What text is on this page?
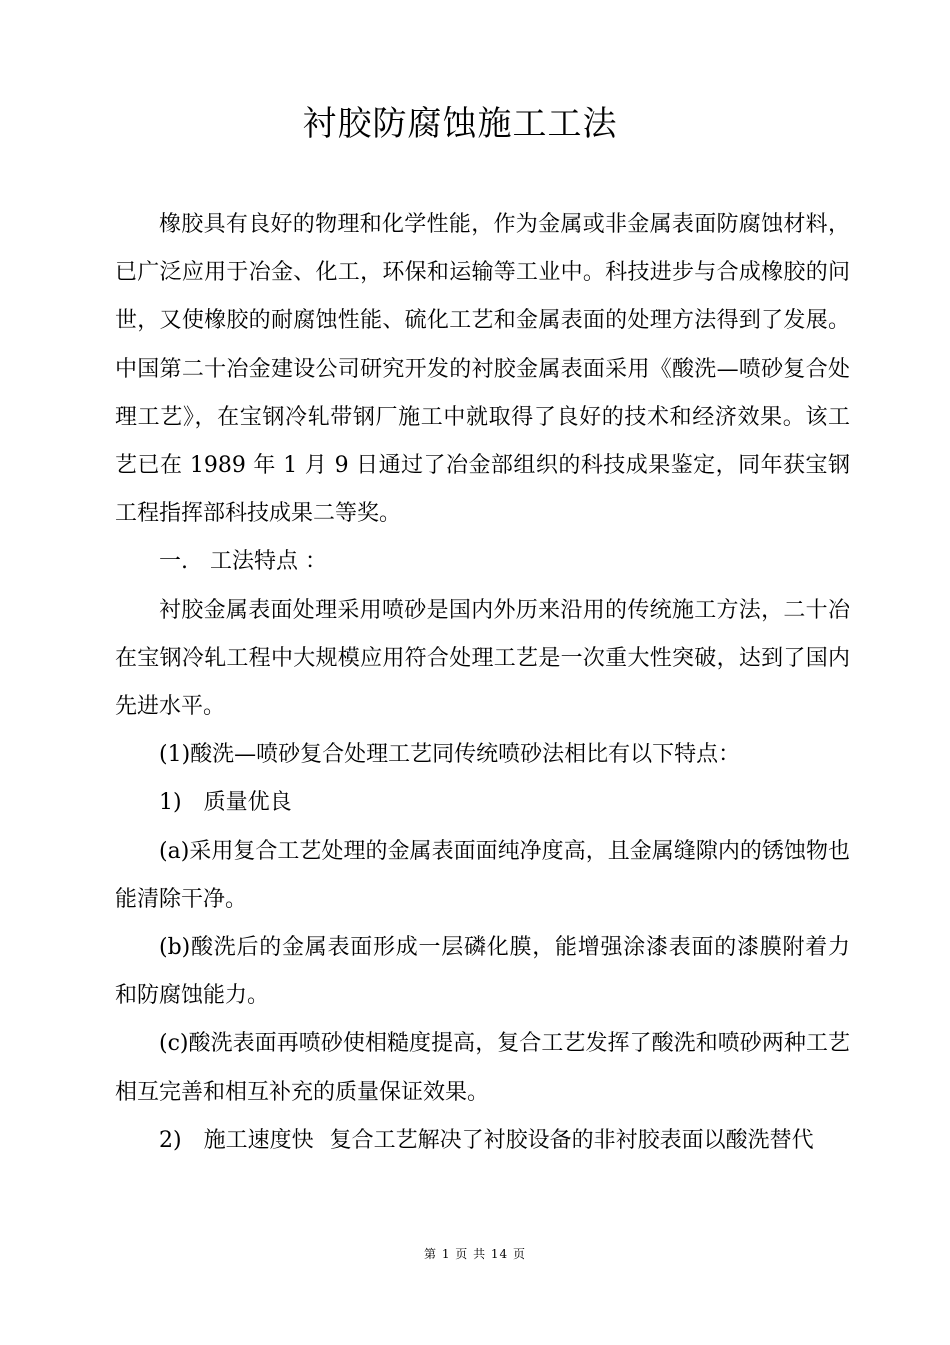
衬胶防腐蚀施工工法

橡胶具有良好的物理和化学性能，作为金属或非金属表面防腐蚀材料，已广泛应用于冶金、化工，环保和运输等工业中。科技进步与合成橡胶的问世，又使橡胶的耐腐蚀性能、硫化工艺和金属表面的处理方法得到了发展。中国第二十冶金建设公司研究开发的衬胶金属表面采用《酸洗—喷砂复合处理工艺》，在宝钢冷轧带钢厂施工中就取得了良好的技术和经济效果。该工艺已在 1989 年 1 月 9 日通过了冶金部组织的科技成果鉴定，同年获宝钢工程指挥部科技成果二等奖。

一. 工法特点 ：

衬胶金属表面处理采用喷砂是国内外历来沿用的传统施工方法，二十冶在宝钢冷轧工程中大规模应用符合处理工艺是一次重大性突破，达到了国内先进水平。

(1)酸洗—喷砂复合处理工艺同传统喷砂法相比有以下特点：

1) 质量优良

(a)采用复合工艺处理的金属表面面纯净度高，且金属缝隙内的锈蚀物也能清除干净。

(b)酸洗后的金属表面形成一层磷化膜，能增强涂漆表面的漆膜附着力和防腐蚀能力。

(c)酸洗表面再喷砂使相糙度提高，复合工艺发挥了酸洗和喷砂两种工艺相互完善和相互补充的质量保证效果。

2) 施工速度快 复合工艺解决了衬胶设备的非衬胶表面以酸洗替代

第 1 页 共 14 页
